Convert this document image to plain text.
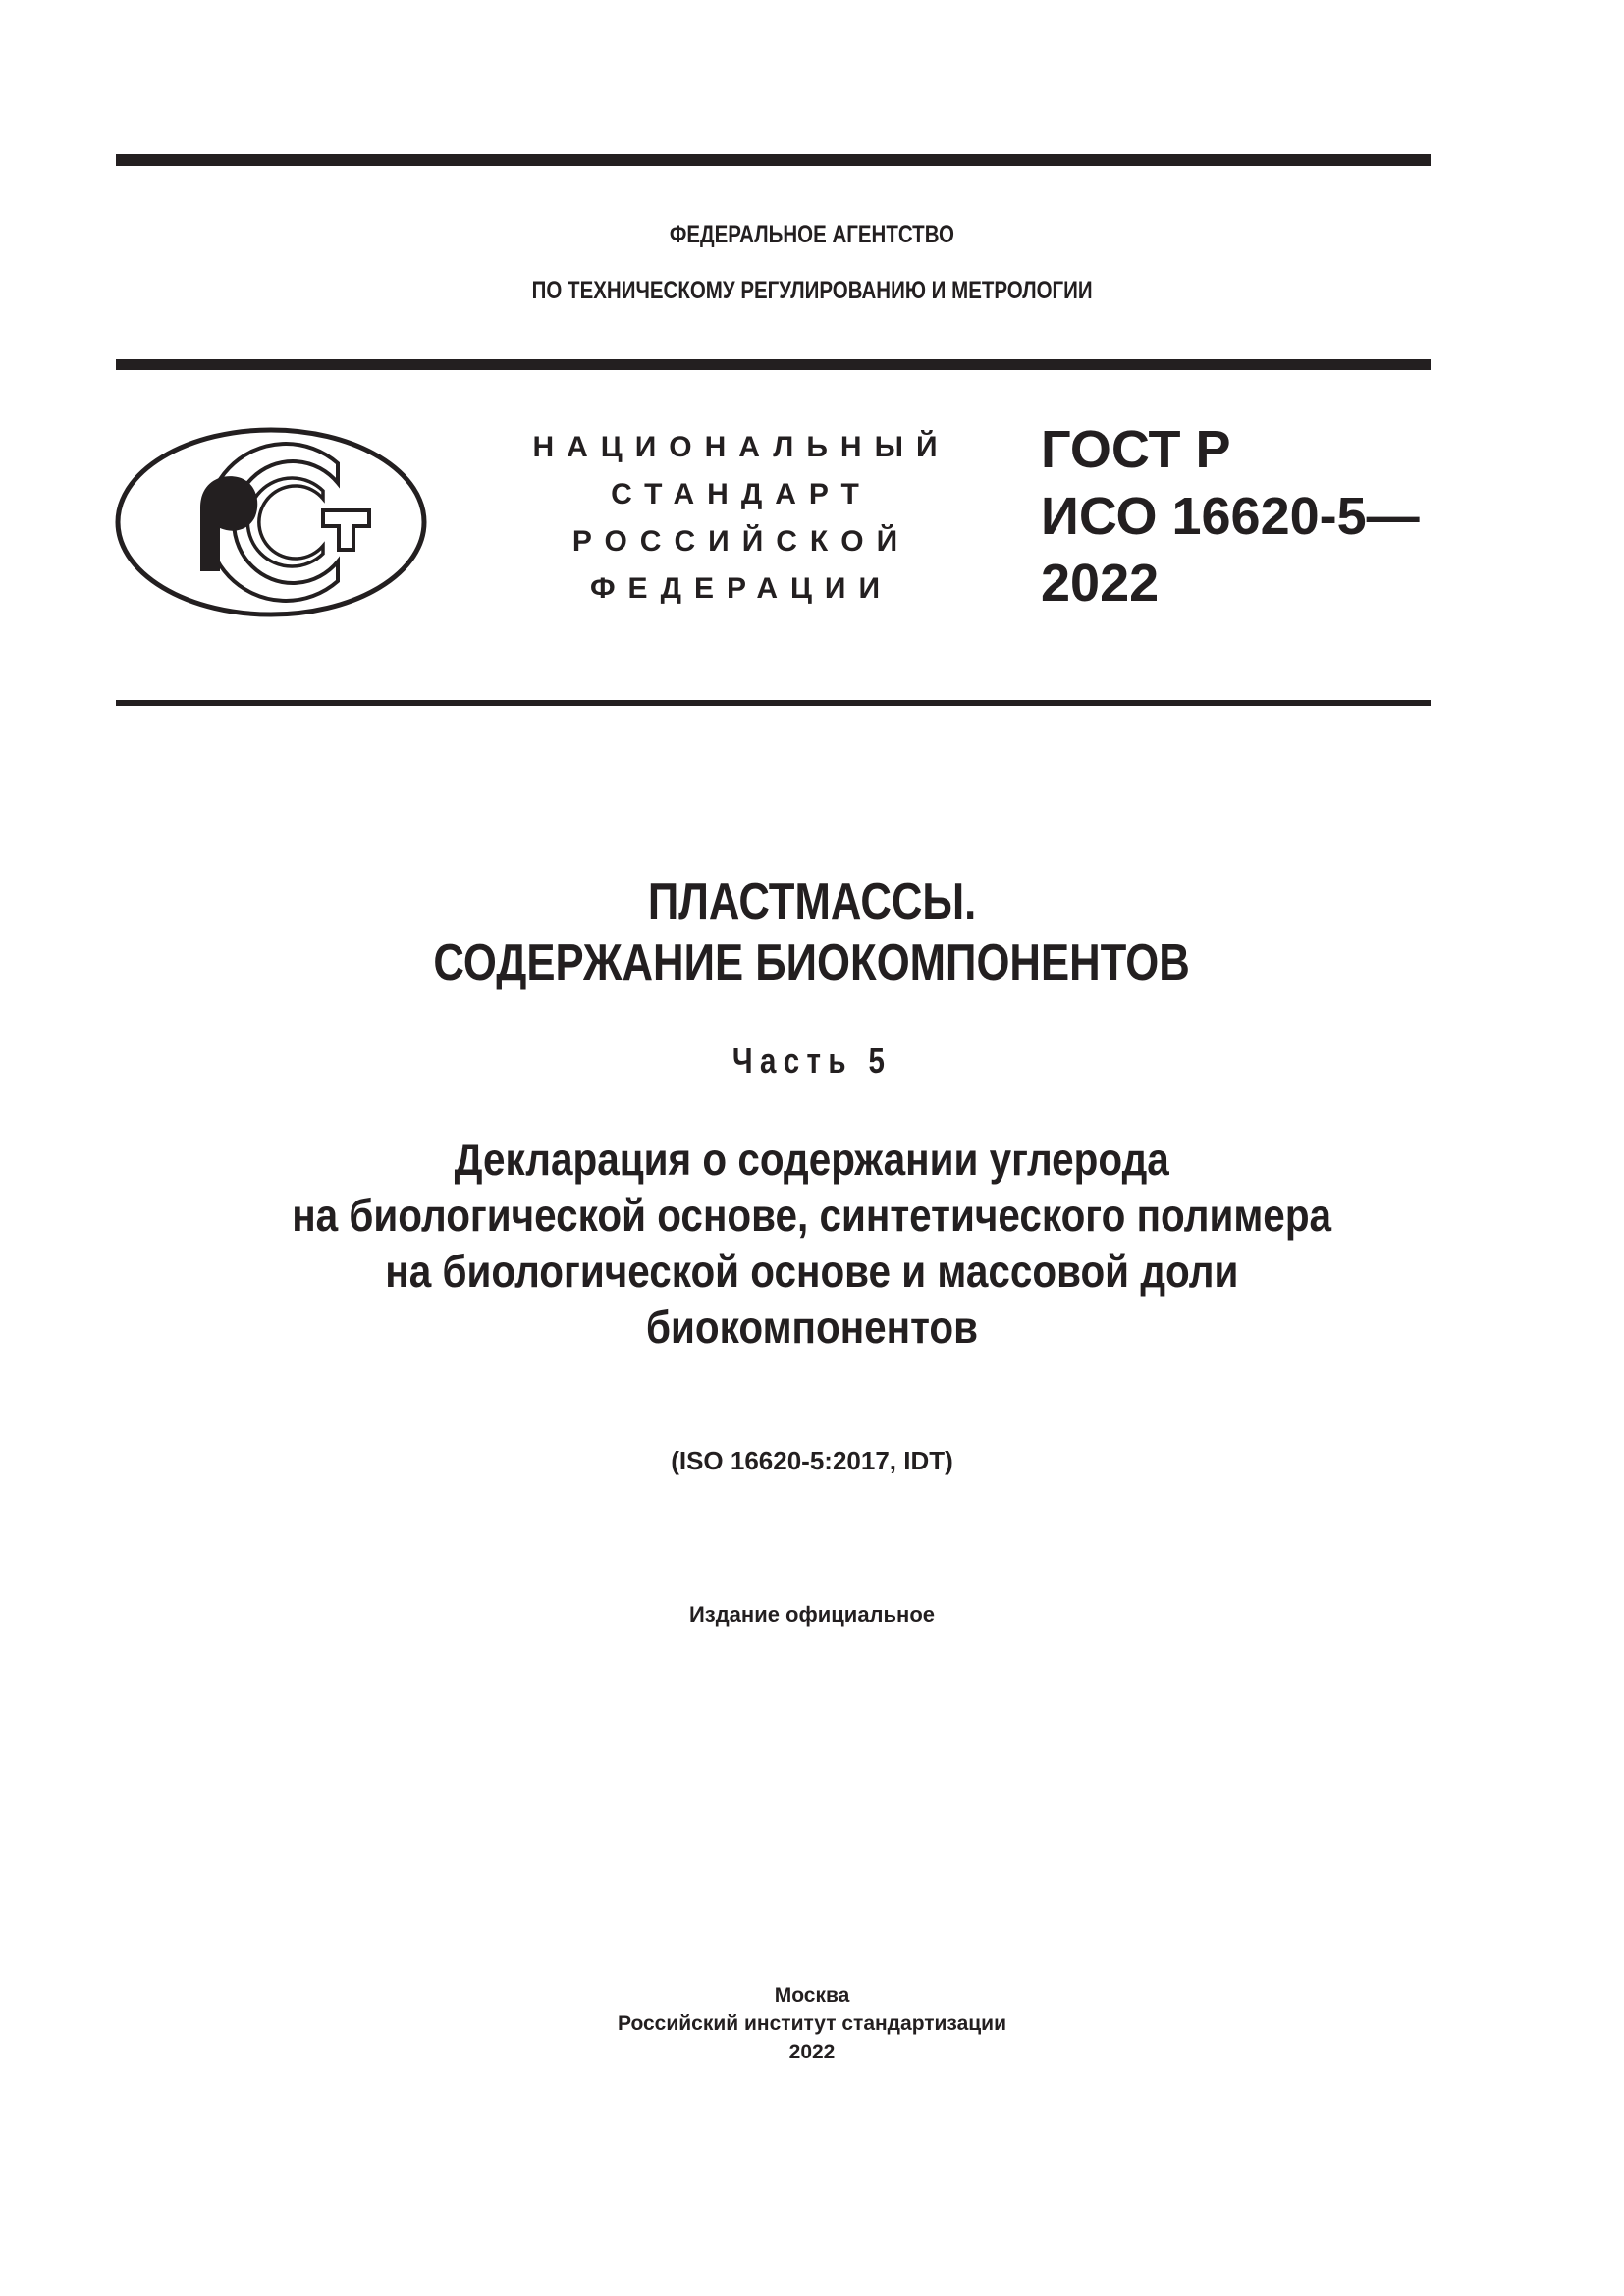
ФЕДЕРАЛЬНОЕ АГЕНТСТВО
ПО ТЕХНИЧЕСКОМУ РЕГУЛИРОВАНИЮ И МЕТРОЛОГИИ
НАЦИОНАЛЬНЫЙ
СТАНДАРТ
РОССИЙСКОЙ
ФЕДЕРАЦИИ
ГОСТ Р
ИСО 16620-5—
2022
ПЛАСТМАССЫ.
СОДЕРЖАНИЕ БИОКОМПОНЕНТОВ
Часть 5
Декларация о содержании углерода
на биологической основе, синтетического полимера
на биологической основе и массовой доли
биокомпонентов
(ISO 16620-5:2017, IDT)
Издание официальное
Москва
Российский институт стандартизации
2022
